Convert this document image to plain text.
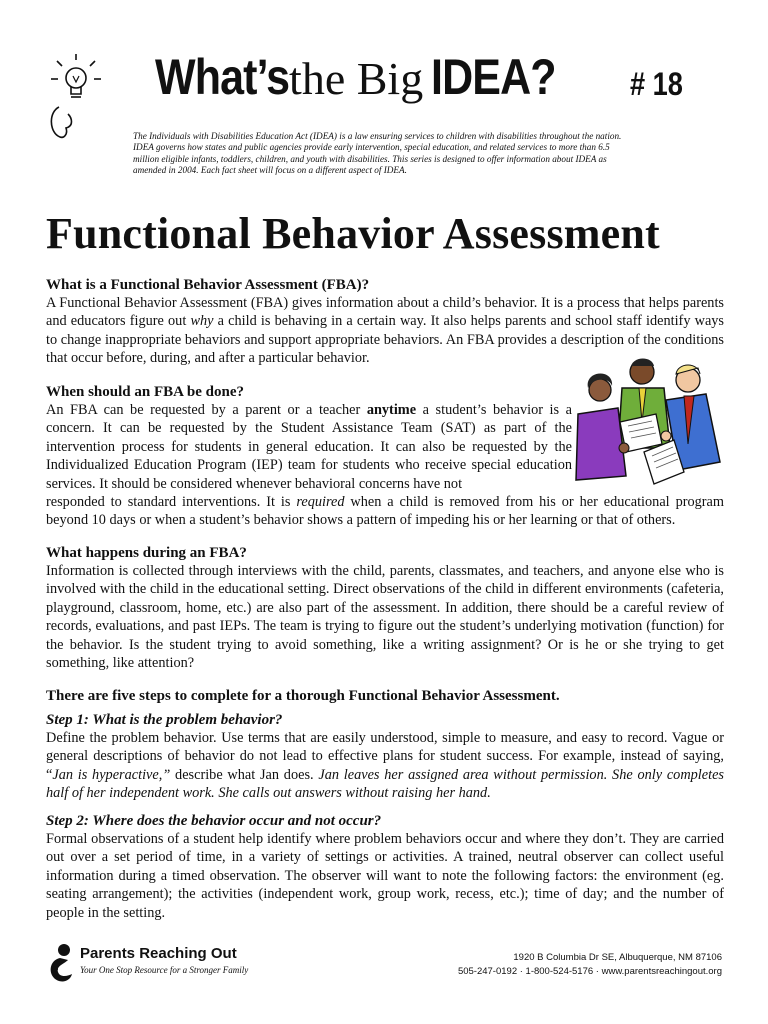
What’sthe Big IDEA?	# 18
The Individuals with Disabilities Education Act (IDEA) is a law ensuring services to children with disabilities throughout the nation. IDEA governs how states and public agencies provide early intervention, special education, and related services to more than 6.5 million eligible infants, toddlers, children, and youth with disabilities. This series is designed to offer information about IDEA as amended in 2004. Each fact sheet will focus on a different aspect of IDEA.
Functional Behavior Assessment

What is a Functional Behavior Assessment (FBA)?

A Functional Behavior Assessment (FBA) gives information about a child’s behavior. It is a process that helps parents and educators figure out why a child is behaving in a certain way. It also helps parents and school staff identify ways to change inappropriate behaviors and support appropriate behaviors. An FBA provides a description of the conditions that occur before, during, and after a particular behavior.

When should an FBA be done?

An FBA can be requested by a parent or a teacher anytime a student’s behavior is a concern. It can be requested by the Student Assistance Team (SAT) as part of the intervention process for students in general education. It can also be requested by the Individualized Education Program (IEP) team for students who receive special education services. It should be considered whenever behavioral concerns have not

responded to standard interventions. It is required when a child is removed from his or her educational program beyond 10 days or when a student’s behavior shows a pattern of impeding his or her learning or that of others.

What happens during an FBA?

Information is collected through interviews with the child, parents, classmates, and teachers, and anyone else who is involved with the child in the educational setting. Direct observations of the child in different environments (cafeteria, playground, classroom, home, etc.) are also part of the assessment. In addition, there should be a careful review of records, evaluations, and past IEPs. The team is trying to figure out the student’s underlying motivation (function) for the behavior. Is the student trying to avoid something, like a writing assignment? Or is he or she trying to get something, like attention?

There are five steps to complete for a thorough Functional Behavior Assessment.

Step 1: What is the problem behavior?

Define the problem behavior. Use terms that are easily understood, simple to measure, and easy to record. Vague or general descriptions of behavior do not lead to effective plans for student success. For example, instead of saying, “Jan is hyperactive,” describe what Jan does. Jan leaves her assigned area without permission. She only completes half of her independent work. She calls out answers without raising her hand.

Step 2: Where does the behavior occur and not occur?

Formal observations of a student help identify where problem behaviors occur and where they don’t. They are carried out over a set period of time, in a variety of settings or activities. A trained, neutral observer can collect useful information during a timed observation. The observer will want to note the following factors: the environment (eg. seating arrangement); the activities (independent work, group work, recess, etc.); time of day; and the number of people in the setting.

Parents Reaching Out
Your One Stop Resource for a Stronger Family
1920 B Columbia Dr SE, Albuquerque, NM 87106
505-247-0192 · 1-800-524-5176 · www.parentsreachingout.org
